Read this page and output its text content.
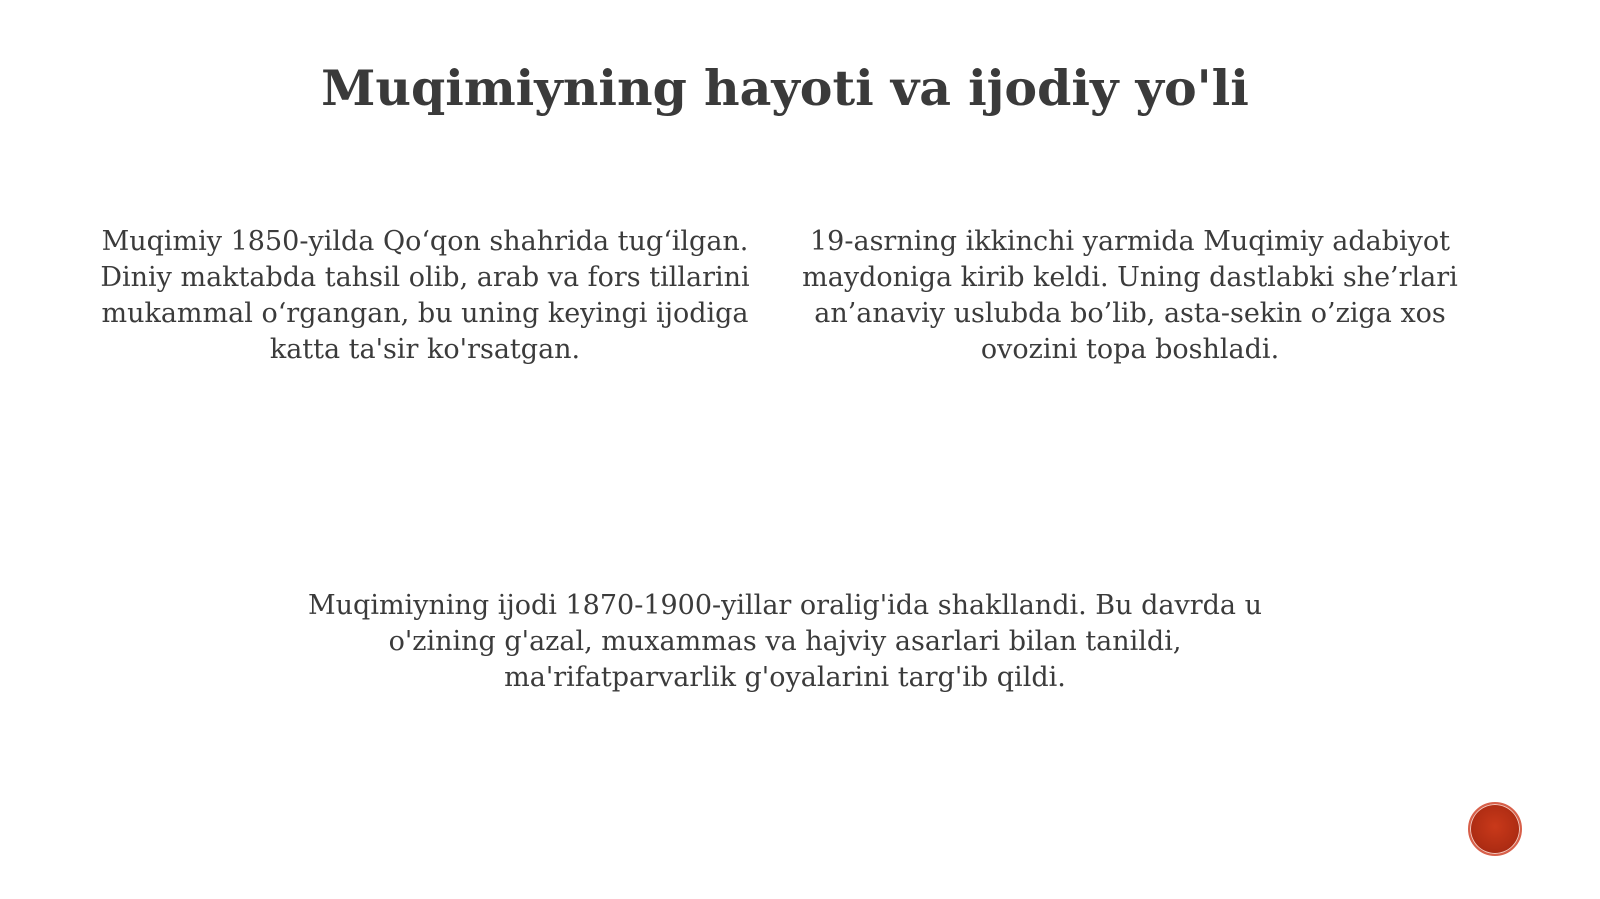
Muqimiyning hayoti va ijodiy yo'li
Muqimiy 1850-yilda Qo‘qon shahrida tug‘ilgan. Diniy maktabda tahsil olib, arab va fors tillarini mukammal o‘rgangan, bu uning keyingi ijodiga katta ta'sir ko'rsatgan.
19-asrning ikkinchi yarmida Muqimiy adabiyot maydoniga kirib keldi. Uning dastlabki she’rlari an’anaviy uslubda bo’lib, asta-sekin o’ziga xos ovozini topa boshladi.
Muqimiyning ijodi 1870-1900-yillar oralig'ida shakllandi. Bu davrda u o'zining g'azal, muxammas va hajviy asarlari bilan tanildi, ma'rifatparvarlik g'oyalarini targ'ib qildi.
